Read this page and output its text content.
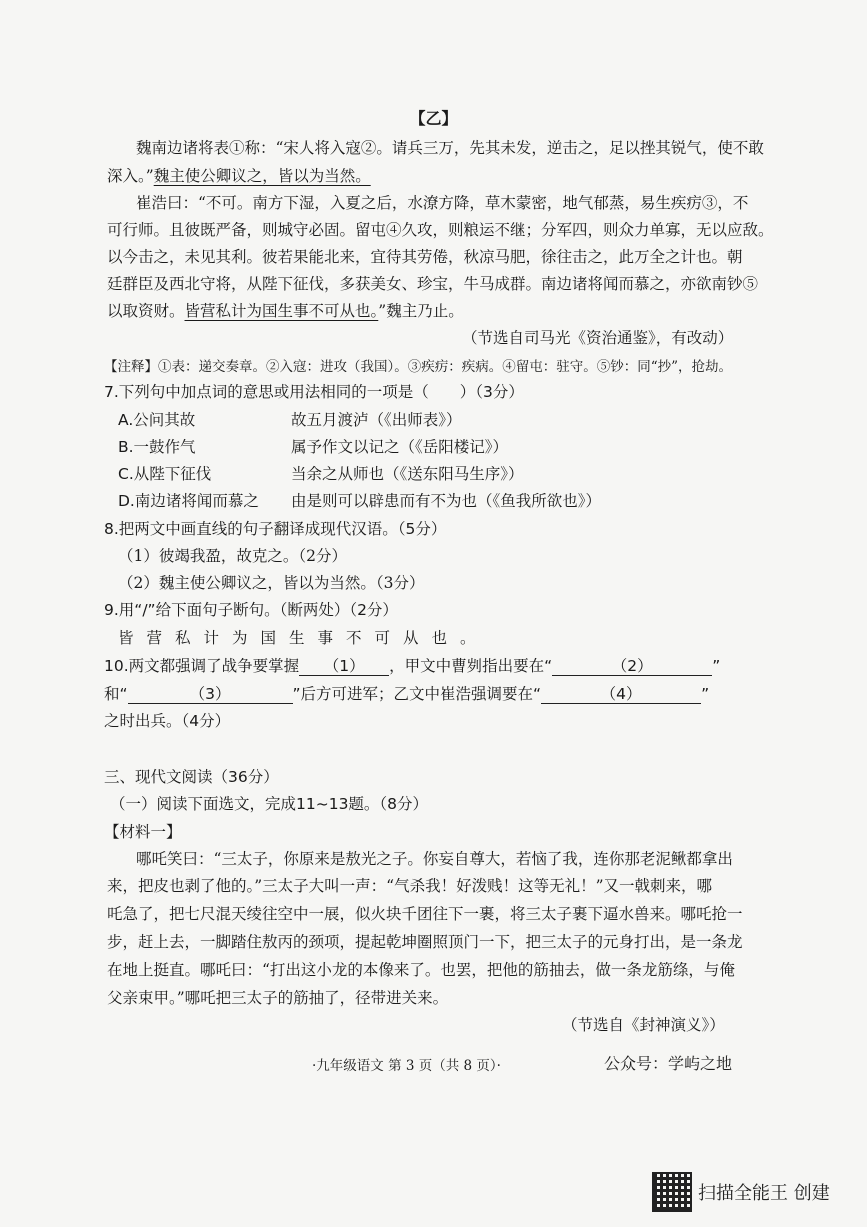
【乙】
魏南边诸将表①称：“宋人将入寇②。请兵三万，先其未发，逆击之，足以挫其锐气，使不敢
深入。”魏主使公卿议之，皆以为当然。
崔浩曰：“不可。南方下湿，入夏之后，水潦方降，草木蒙密，地气郁蒸，易生疾疠③，不
可行师。且彼既严备，则城守必固。留屯④久攻，则粮运不继；分军四，则众力单寡，无以应敌。
以今击之，未见其利。彼若果能北来，宜待其劳倦，秋凉马肥，徐往击之，此万全之计也。朝
廷群臣及西北守将，从陛下征伐，多获美女、珍宝，牛马成群。南边诸将闻而慕之，亦欲南钞⑤
以取资财。皆营私计为国生事不可从也。”魏主乃止。
（节选自司马光《资治通鉴》，有改动）
【注释】①表：递交奏章。②入寇：进攻（我国）。③疾疠：疾病。④留屯：驻守。⑤钞：同“抄”，抢劫。
7.下列句中加点词的意思或用法相同的一项是（　　）（3分）
A.公问其故	故五月渡泸（《出师表》）
B.一鼓作气	属予作文以记之（《岳阳楼记》）
C.从陛下征伐	当余之从师也（《送东阳马生序》）
D.南边诸将闻而慕之 由是则可以辟患而有不为也（《鱼我所欲也》）
8.把两文中画直线的句子翻译成现代汉语。（5分）
（1）彼竭我盈，故克之。（2分）
（2）魏主使公卿议之，皆以为当然。（3分）
9.用“/”给下面句子断句。（断两处）（2分）
皆营私计为国生事不可从也。
10.两文都强调了战争要掌握 （1） ，甲文中曹刿指出要在“	（2）	”
和“	（3）	”后方可进军；乙文中崔浩强调要在“	（4）	”
之时出兵。（4分）
三、现代文阅读（36分）
（一）阅读下面选文，完成11~13题。（8分）
【材料一】
哪吒笑曰：“三太子，你原来是敖光之子。你妄自尊大，若恼了我，连你那老泥鳅都拿出
来，把皮也剥了他的。”三太子大叫一声：“气杀我！好泼贱！这等无礼！”又一戟刺来，哪
吒急了，把七尺混天绫往空中一展，似火块千团往下一裹，将三太子裹下逼水兽来。哪吒抢一
步，赶上去，一脚踏住敖丙的颈项，提起乾坤圈照顶门一下，把三太子的元身打出，是一条龙
在地上挺直。哪吒曰：“打出这小龙的本像来了。也罢，把他的筋抽去，做一条龙筋绦，与俺
父亲束甲。”哪吒把三太子的筋抽了，径带进关来。
（节选自《封神演义》）
·九年级语文 第 3 页（共 8 页）·	公众号：学屿之地
扫描全能王 创建
